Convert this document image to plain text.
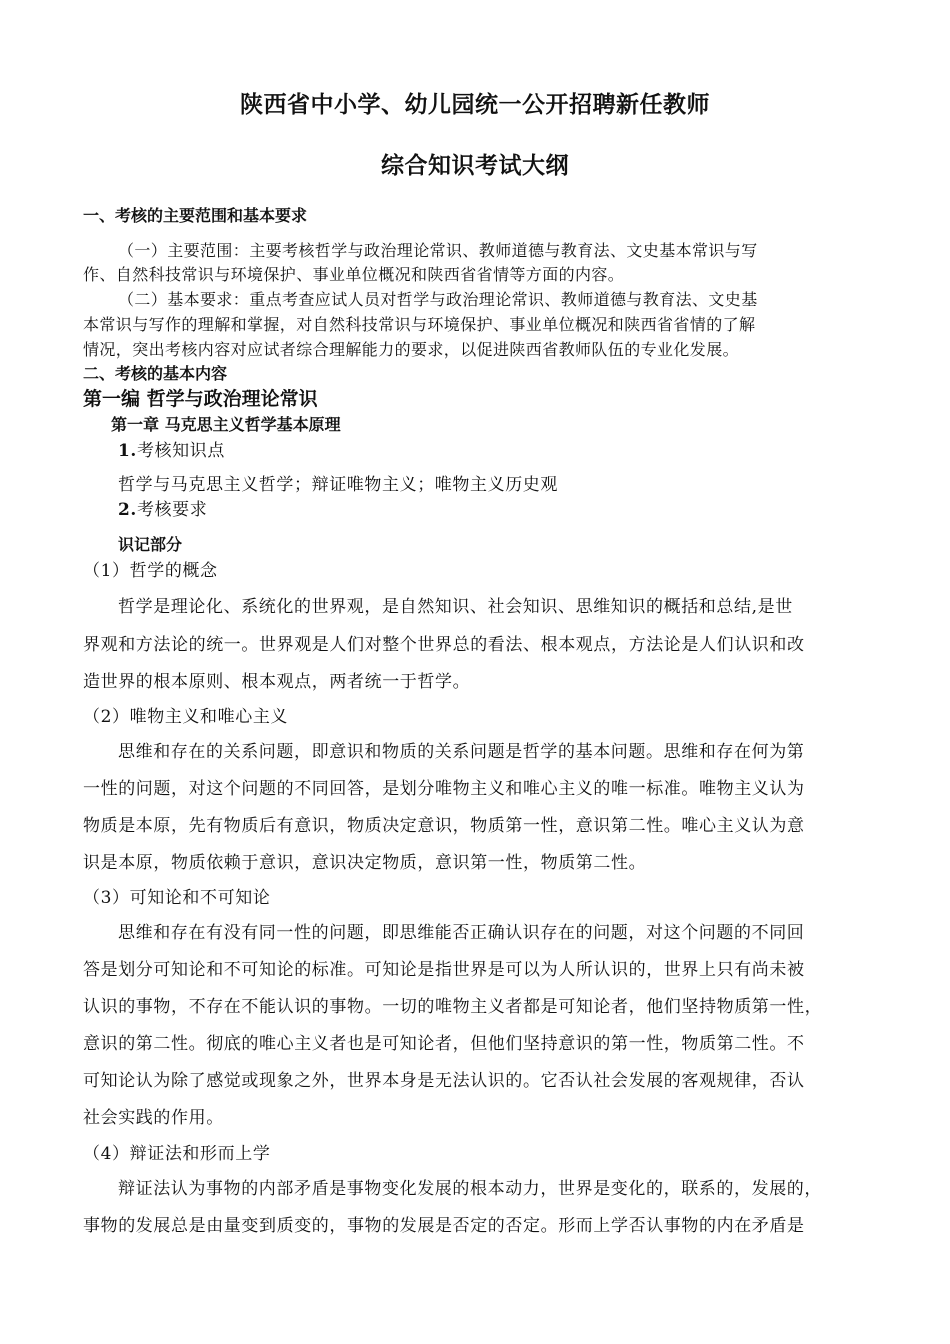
陕西省中小学、幼儿园统一公开招聘新任教师
综合知识考试大纲
一、考核的主要范围和基本要求
（一）主要范围：主要考核哲学与政治理论常识、教师道德与教育法、文史基本常识与写
作、自然科技常识与环境保护、事业单位概况和陕西省省情等方面的内容。
（二）基本要求：重点考查应试人员对哲学与政治理论常识、教师道德与教育法、文史基
本常识与写作的理解和掌握，对自然科技常识与环境保护、事业单位概况和陕西省省情的了解
情况，突出考核内容对应试者综合理解能力的要求，以促进陕西省教师队伍的专业化发展。
二、考核的基本内容
第一编 哲学与政治理论常识
第一章 马克思主义哲学基本原理
1.考核知识点
哲学与马克思主义哲学；辩证唯物主义；唯物主义历史观
2.考核要求
识记部分
（1）哲学的概念
哲学是理论化、系统化的世界观，是自然知识、社会知识、思维知识的概括和总结,是世
界观和方法论的统一。世界观是人们对整个世界总的看法、根本观点，方法论是人们认识和改
造世界的根本原则、根本观点，两者统一于哲学。
（2）唯物主义和唯心主义
思维和存在的关系问题，即意识和物质的关系问题是哲学的基本问题。思维和存在何为第
一性的问题，对这个问题的不同回答，是划分唯物主义和唯心主义的唯一标准。唯物主义认为
物质是本原，先有物质后有意识，物质决定意识，物质第一性，意识第二性。唯心主义认为意
识是本原，物质依赖于意识，意识决定物质，意识第一性，物质第二性。
（3）可知论和不可知论
思维和存在有没有同一性的问题，即思维能否正确认识存在的问题，对这个问题的不同回
答是划分可知论和不可知论的标准。可知论是指世界是可以为人所认识的，世界上只有尚未被
认识的事物，不存在不能认识的事物。一切的唯物主义者都是可知论者，他们坚持物质第一性，
意识的第二性。彻底的唯心主义者也是可知论者，但他们坚持意识的第一性，物质第二性。不
可知论认为除了感觉或现象之外，世界本身是无法认识的。它否认社会发展的客观规律，否认
社会实践的作用。
（4）辩证法和形而上学
辩证法认为事物的内部矛盾是事物变化发展的根本动力，世界是变化的，联系的，发展的，
事物的发展总是由量变到质变的，事物的发展是否定的否定。形而上学否认事物的内在矛盾是
